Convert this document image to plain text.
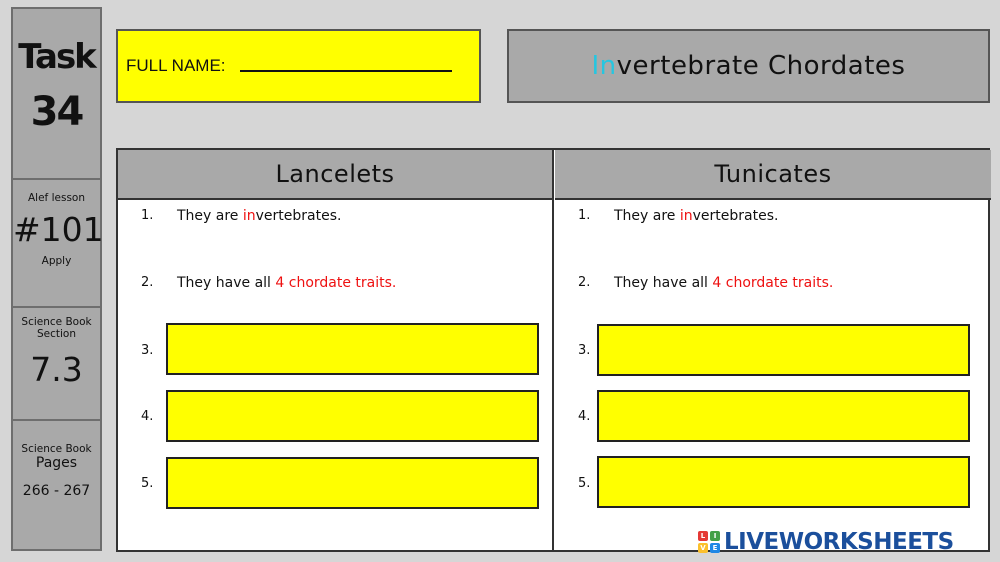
Task
34
Alef lesson
#101
Apply
Science Book
Section
7.3
Science Book
Pages
266 - 267
FULL NAME:	In vertebrate Chordates
Lancelets
1. They are invertebrates.
2. They have all 4 chordate traits.
3.
4.
5.
Tunicates
1. They are invertebrates.
2. They have all 4 chordate traits.
3.
4.
5.
L	I
V E LIVEWORKSHEETS
